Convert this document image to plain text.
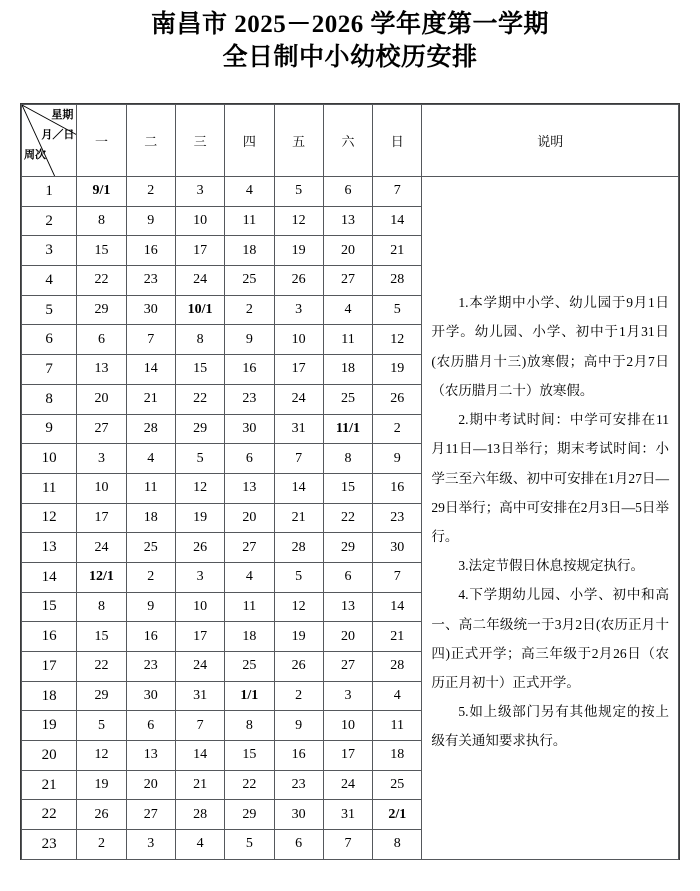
南昌市 2025－2026 学年度第一学期
全日制中小幼校历安排
星期
月／日
周次	一	二	三	四	五	六	日	说明
1	9/1	2	3	4	5	6	7	1.本学期中小学、幼儿园于9月1日开学。幼儿园、小学、初中于1月31日(农历腊月十三)放寒假；高中于2月7日（农历腊月二十）放寒假。

2.期中考试时间：中学可安排在11月11日—13日举行；期末考试时间：小学三至六年级、初中可安排在1月27日—29日举行；高中可安排在2月3日—5日举行。

3.法定节假日休息按规定执行。

4.下学期幼儿园、小学、初中和高一、高二年级统一于3月2日(农历正月十四)正式开学；高三年级于2月26日（农历正月初十）正式开学。

5.如上级部门另有其他规定的按上级有关通知要求执行。

2	8	9	10	11	12	13	14	
3	15	16	17	18	19	20	21	
4	22	23	24	25	26	27	28	
5	29	30	10/1	2	3	4	5	
6	6	7	8	9	10	11	12	
7	13	14	15	16	17	18	19	
8	20	21	22	23	24	25	26	
9	27	28	29	30	31	11/1	2	
10	3	4	5	6	7	8	9	
11	10	11	12	13	14	15	16	
12	17	18	19	20	21	22	23	
13	24	25	26	27	28	29	30	
14	12/1	2	3	4	5	6	7	
15	8	9	10	11	12	13	14	
16	15	16	17	18	19	20	21	
17	22	23	24	25	26	27	28	
18	29	30	31	1/1	2	3	4	
19	5	6	7	8	9	10	11	
20	12	13	14	15	16	17	18	
21	19	20	21	22	23	24	25	
22	26	27	28	29	30	31	2/1	
23	2	3	4	5	6	7	8	
